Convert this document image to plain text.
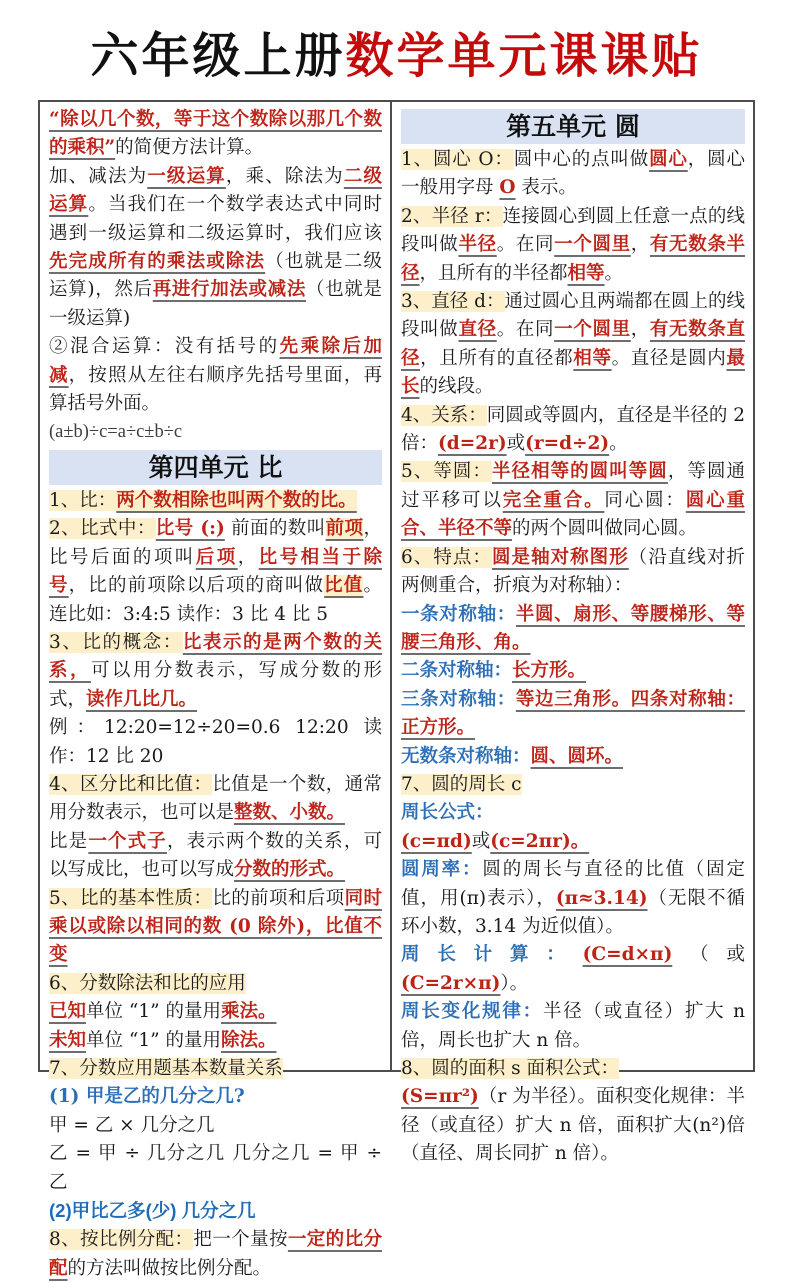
六年级上册数学单元课课贴

“除以几个数，等于这个数除以那几个数的乘积”的简便方法计算。

加、减法为一级运算，乘、除法为二级运算。当我们在一个数学表达式中同时遇到一级运算和二级运算时，我们应该先完成所有的乘法或除法（也就是二级运算)，然后再进行加法或减法（也就是一级运算)

②混合运算：没有括号的先乘除后加减，按照从左往右顺序先括号里面，再算括号外面。

(a±b)÷c=a÷c±b÷c

第四单元 比

1、比：两个数相除也叫两个数的比。

2、比式中：比号 (:) 前面的数叫前项，比号后面的项叫后项，比号相当于除号，比的前项除以后项的商叫做比值。连比如：3:4:5 读作：3 比 4 比 5

3、比的概念：比表示的是两个数的关系，可以用分数表示，写成分数的形式，读作几比几。

例：12:20=12÷20=0.6 12:20 读作：12 比 20

4、区分比和比值：比值是一个数，通常用分数表示，也可以是整数、小数。

比是一个式子，表示两个数的关系，可以写成比，也可以写成分数的形式。

5、比的基本性质：比的前项和后项同时乘以或除以相同的数 (0 除外)，比值不变

6、分数除法和比的应用

已知单位 “1” 的量用乘法。

未知单位 “1” 的量用除法。

7、分数应用题基本数量关系

(1) 甲是乙的几分之几?

甲 = 乙 × 几分之几

乙 = 甲 ÷ 几分之几 几分之几 = 甲 ÷ 乙

(2)甲比乙多(少) 几分之几

8、按比例分配：把一个量按一定的比分配的方法叫做按比例分配。

第五单元 圆

1、圆心 O：圆中心的点叫做圆心，圆心一般用字母 O 表示。

2、半径 r：连接圆心到圆上任意一点的线段叫做半径。在同一个圆里，有无数条半径，且所有的半径都相等。

3、直径 d：通过圆心且两端都在圆上的线段叫做直径。在同一个圆里，有无数条直径，且所有的直径都相等。直径是圆内最长的线段。

4、关系：同圆或等圆内，直径是半径的 2 倍：(d=2r)或(r=d÷2)。

5、等圆：半径相等的圆叫等圆，等圆通过平移可以完全重合。同心圆：圆心重合、半径不等的两个圆叫做同心圆。

6、特点：圆是轴对称图形（沿直线对折两侧重合，折痕为对称轴）：

一条对称轴：半圆、扇形、等腰梯形、等腰三角形、角。

二条对称轴：长方形。

三条对称轴：等边三角形。四条对称轴：正方形。

无数条对称轴：圆、圆环。

7、圆的周长 c

周长公式：

(c=πd)或(c=2πr)。

圆周率：圆的周长与直径的比值（固定值，用(π)表示），(π≈3.14)（无限不循环小数，3.14 为近似值）。

周长计算：(C=d×π)（或(C=2r×π)）。

周长变化规律：半径（或直径）扩大 n 倍，周长也扩大 n 倍。

8、圆的面积 s 面积公式：

(S=πr²)（r 为半径）。面积变化规律：半径（或直径）扩大 n 倍，面积扩大(n²)倍（直径、周长同扩 n 倍）。
